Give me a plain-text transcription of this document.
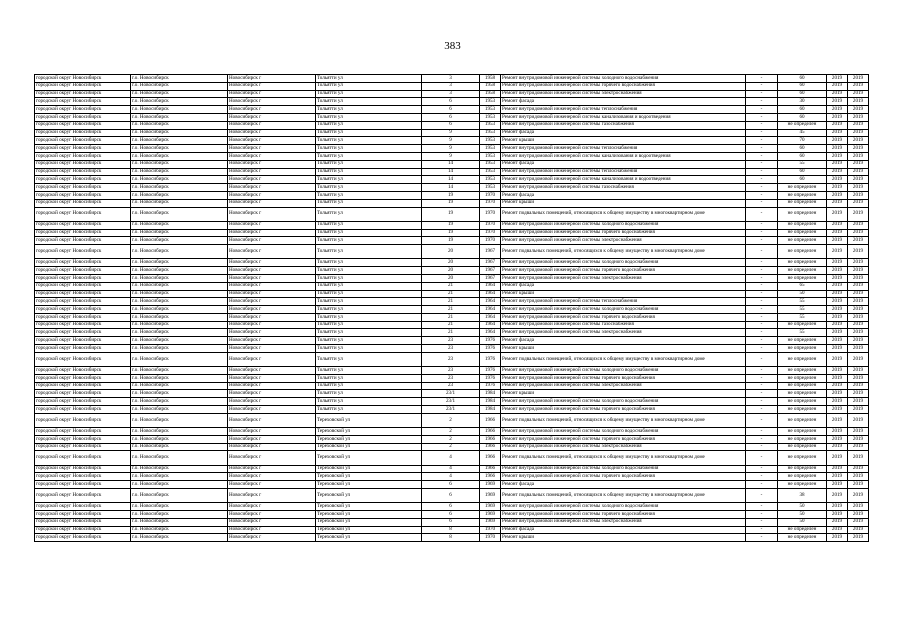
383
городской округ Новосибирск	г.о. Новосибирск	Новосибирск г	Тольятти ул	3	1958	Ремонт внутридомовой инженерной системы холодного водоснабжения	-	60	2019	2019
городской округ Новосибирск	г.о. Новосибирск	Новосибирск г	Тольятти ул	3	1958	Ремонт внутридомовой инженерной системы горячего водоснабжения	-	60	2019	2019
городской округ Новосибирск	г.о. Новосибирск	Новосибирск г	Тольятти ул	3	1958	Ремонт внутридомовой инженерной системы электроснабжения	-	60	2019	2019
городской округ Новосибирск	г.о. Новосибирск	Новосибирск г	Тольятти ул	6	1953	Ремонт фасада	-	30	2019	2019
городской округ Новосибирск	г.о. Новосибирск	Новосибирск г	Тольятти ул	6	1953	Ремонт внутридомовой инженерной системы теплоснабжения	-	60	2019	2019
городской округ Новосибирск	г.о. Новосибирск	Новосибирск г	Тольятти ул	6	1953	Ремонт внутридомовой инженерной системы канализования и водоотведения	-	60	2019	2019
городской округ Новосибирск	г.о. Новосибирск	Новосибирск г	Тольятти ул	6	1953	Ремонт внутридомовой инженерной системы газоснабжения	-	не определен	2019	2019
городской округ Новосибирск	г.о. Новосибирск	Новосибирск г	Тольятти ул	9	1953	Ремонт фасада	-	45	2019	2019
городской округ Новосибирск	г.о. Новосибирск	Новосибирск г	Тольятти ул	9	1953	Ремонт крыши	-	70	2019	2019
городской округ Новосибирск	г.о. Новосибирск	Новосибирск г	Тольятти ул	9	1953	Ремонт внутридомовой инженерной системы теплоснабжения	-	60	2019	2019
городской округ Новосибирск	г.о. Новосибирск	Новосибирск г	Тольятти ул	9	1953	Ремонт внутридомовой инженерной системы канализования и водоотведения	-	60	2019	2019
городской округ Новосибирск	г.о. Новосибирск	Новосибирск г	Тольятти ул	14	1953	Ремонт фасада	-	55	2019	2019
городской округ Новосибирск	г.о. Новосибирск	Новосибирск г	Тольятти ул	14	1953	Ремонт внутридомовой инженерной системы теплоснабжения	-	60	2019	2019
городской округ Новосибирск	г.о. Новосибирск	Новосибирск г	Тольятти ул	14	1953	Ремонт внутридомовой инженерной системы канализования и водоотведения	-	60	2019	2019
городской округ Новосибирск	г.о. Новосибирск	Новосибирск г	Тольятти ул	14	1953	Ремонт внутридомовой инженерной системы газоснабжения	-	не определен	2019	2019
городской округ Новосибирск	г.о. Новосибирск	Новосибирск г	Тольятти ул	19	1970	Ремонт фасада	-	не определен	2019	2019
городской округ Новосибирск	г.о. Новосибирск	Новосибирск г	Тольятти ул	19	1970	Ремонт крыши	-	не определен	2019	2019
городской округ Новосибирск	г.о. Новосибирск	Новосибирск г	Тольятти ул	19	1970	Ремонт подвальных помещений, относящихся к общему имуществу в многоквартирном доме	-	не определен	2019	2019
городской округ Новосибирск	г.о. Новосибирск	Новосибирск г	Тольятти ул	19	1970	Ремонт внутридомовой инженерной системы холодного водоснабжения	-	не определен	2019	2019
городской округ Новосибирск	г.о. Новосибирск	Новосибирск г	Тольятти ул	19	1970	Ремонт внутридомовой инженерной системы горячего водоснабжения	-	не определен	2019	2019
городской округ Новосибирск	г.о. Новосибирск	Новосибирск г	Тольятти ул	19	1970	Ремонт внутридомовой инженерной системы электроснабжения	-	не определен	2019	2019
городской округ Новосибирск	г.о. Новосибирск	Новосибирск г	Тольятти ул	20	1967	Ремонт подвальных помещений, относящихся к общему имуществу в многоквартирном доме	-	не определен	2019	2019
городской округ Новосибирск	г.о. Новосибирск	Новосибирск г	Тольятти ул	20	1967	Ремонт внутридомовой инженерной системы холодного водоснабжения	-	не определен	2019	2019
городской округ Новосибирск	г.о. Новосибирск	Новосибирск г	Тольятти ул	20	1967	Ремонт внутридомовой инженерной системы горячего водоснабжения	-	не определен	2019	2019
городской округ Новосибирск	г.о. Новосибирск	Новосибирск г	Тольятти ул	20	1967	Ремонт внутридомовой инженерной системы электроснабжения	-	не определен	2019	2019
городской округ Новосибирск	г.о. Новосибирск	Новосибирск г	Тольятти ул	21	1964	Ремонт фасада	-	65	2019	2019
городской округ Новосибирск	г.о. Новосибирск	Новосибирск г	Тольятти ул	21	1964	Ремонт крыши	-	50	2019	2019
городской округ Новосибирск	г.о. Новосибирск	Новосибирск г	Тольятти ул	21	1964	Ремонт внутридомовой инженерной системы теплоснабжения	-	55	2019	2019
городской округ Новосибирск	г.о. Новосибирск	Новосибирск г	Тольятти ул	21	1964	Ремонт внутридомовой инженерной системы холодного водоснабжения	-	55	2019	2019
городской округ Новосибирск	г.о. Новосибирск	Новосибирск г	Тольятти ул	21	1964	Ремонт внутридомовой инженерной системы горячего водоснабжения	-	55	2019	2019
городской округ Новосибирск	г.о. Новосибирск	Новосибирск г	Тольятти ул	21	1964	Ремонт внутридомовой инженерной системы газоснабжения	-	не определен	2019	2019
городской округ Новосибирск	г.о. Новосибирск	Новосибирск г	Тольятти ул	21	1964	Ремонт внутридомовой инженерной системы электроснабжения	-	55	2019	2019
городской округ Новосибирск	г.о. Новосибирск	Новосибирск г	Тольятти ул	23	1976	Ремонт фасада	-	не определен	2019	2019
городской округ Новосибирск	г.о. Новосибирск	Новосибирск г	Тольятти ул	23	1976	Ремонт крыши	-	не определен	2019	2019
городской округ Новосибирск	г.о. Новосибирск	Новосибирск г	Тольятти ул	23	1976	Ремонт подвальных помещений, относящихся к общему имуществу в многоквартирном доме	-	не определен	2019	2019
городской округ Новосибирск	г.о. Новосибирск	Новосибирск г	Тольятти ул	23	1976	Ремонт внутридомовой инженерной системы холодного водоснабжения	-	не определен	2019	2019
городской округ Новосибирск	г.о. Новосибирск	Новосибирск г	Тольятти ул	23	1976	Ремонт внутридомовой инженерной системы горячего водоснабжения	-	не определен	2019	2019
городской округ Новосибирск	г.о. Новосибирск	Новосибирск г	Тольятти ул	23	1976	Ремонт внутридомовой инженерной системы электроснабжения	-	не определен	2019	2019
городской округ Новосибирск	г.о. Новосибирск	Новосибирск г	Тольятти ул	23/1	1984	Ремонт крыши	-	не определен	2019	2019
городской округ Новосибирск	г.о. Новосибирск	Новосибирск г	Тольятти ул	23/1	1984	Ремонт внутридомовой инженерной системы холодного водоснабжения	-	не определен	2019	2019
городской округ Новосибирск	г.о. Новосибирск	Новосибирск г	Тольятти ул	23/1	1984	Ремонт внутридомовой инженерной системы горячего водоснабжения	-	не определен	2019	2019
городской округ Новосибирск	г.о. Новосибирск	Новосибирск г	Тереховской ул	2	1966	Ремонт подвальных помещений, относящихся к общему имуществу в многоквартирном доме	-	не определен	2019	2019
городской округ Новосибирск	г.о. Новосибирск	Новосибирск г	Тереховской ул	2	1966	Ремонт внутридомовой инженерной системы холодного водоснабжения	-	не определен	2019	2019
городской округ Новосибирск	г.о. Новосибирск	Новосибирск г	Тереховской ул	2	1966	Ремонт внутридомовой инженерной системы горячего водоснабжения	-	не определен	2019	2019
городской округ Новосибирск	г.о. Новосибирск	Новосибирск г	Тереховской ул	2	1966	Ремонт внутридомовой инженерной системы электроснабжения	-	не определен	2019	2019
городской округ Новосибирск	г.о. Новосибирск	Новосибирск г	Тереховской ул	4	1966	Ремонт подвальных помещений, относящихся к общему имуществу в многоквартирном доме	-	не определен	2019	2019
городской округ Новосибирск	г.о. Новосибирск	Новосибирск г	Тереховской ул	4	1966	Ремонт внутридомовой инженерной системы холодного водоснабжения	-	не определен	2019	2019
городской округ Новосибирск	г.о. Новосибирск	Новосибирск г	Тереховской ул	4	1966	Ремонт внутридомовой инженерной системы горячего водоснабжения	-	не определен	2019	2019
городской округ Новосибирск	г.о. Новосибирск	Новосибирск г	Тереховской ул	6	1969	Ремонт фасада	-	не определен	2019	2019
городской округ Новосибирск	г.о. Новосибирск	Новосибирск г	Тереховской ул	6	1969	Ремонт подвальных помещений, относящихся к общему имуществу в многоквартирном доме	-	38	2019	2019
городской округ Новосибирск	г.о. Новосибирск	Новосибирск г	Тереховской ул	6	1969	Ремонт внутридомовой инженерной системы холодного водоснабжения	-	50	2019	2019
городской округ Новосибирск	г.о. Новосибирск	Новосибирск г	Тереховской ул	6	1969	Ремонт внутридомовой инженерной системы горячего водоснабжения	-	50	2019	2019
городской округ Новосибирск	г.о. Новосибирск	Новосибирск г	Тереховской ул	6	1969	Ремонт внутридомовой инженерной системы электроснабжения	-	50	2019	2019
городской округ Новосибирск	г.о. Новосибирск	Новосибирск г	Тереховской ул	8	1970	Ремонт фасада	-	не определен	2019	2019
городской округ Новосибирск	г.о. Новосибирск	Новосибирск г	Тереховской ул	8	1970	Ремонт крыши	-	не определен	2019	2019
